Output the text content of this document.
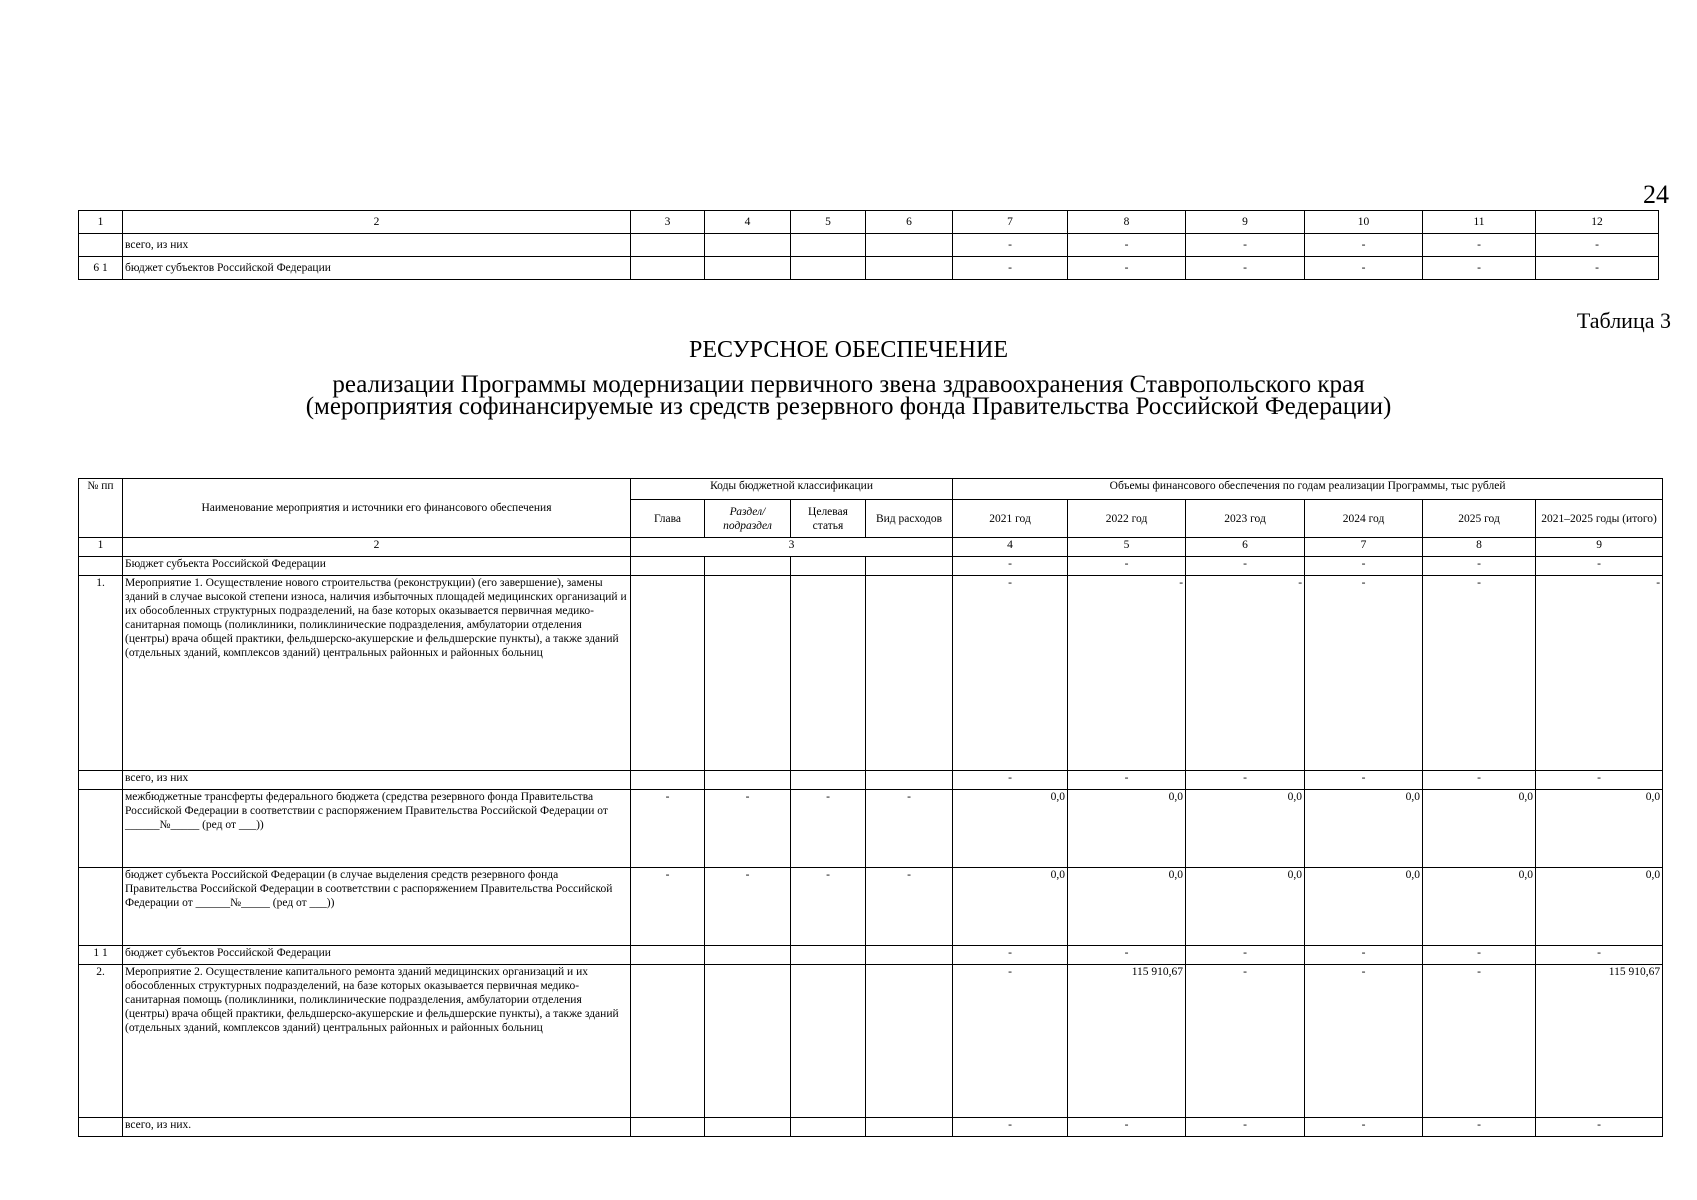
24
1	2	3	4	5	6	7	8	9	10	11	12
	всего, из них					-	-	-	-	-	-
6 1	бюджет субъектов Российской Федерации					-	-	-	-	-	-
Таблица 3
РЕСУРСНОЕ ОБЕСПЕЧЕНИЕ
реализации Программы модернизации первичного звена здравоохранения Ставропольского края
(мероприятия софинансируемые из средств резервного фонда Правительства Российской Федерации)
№ пп	Наименование мероприятия и источники его финансового обеспечения	Коды бюджетной классификации				Объемы финансового обеспечения по годам реализации Программы, тыс рублей					
		Глава	Раздел/ подраздел	Целевая статья	Вид расходов	2021 год	2022 год	2023 год	2024 год	2025 год	2021–2025 годы (итого)
1	2	3				4	5	6	7	8	9
	Бюджет субъекта Российской Федерации					-	-	-	-	-	-
1.	Мероприятие 1. Осуществление нового строительства (реконструкции) (его завершение), замены зданий в случае высокой степени износа, наличия избыточных площадей медицинских организаций и их обособленных структурных подразделений, на базе которых оказывается первичная медико-санитарная помощь (поликлиники, поликлинические подразделения, амбулатории отделения (центры) врача общей практики, фельдшерско-акушерские и фельдшерские пункты), а также зданий (отдельных зданий, комплексов зданий) центральных районных и районных больниц					-	-	-	-	-	-
	всего, из них					-	-	-	-	-	-
	межбюджетные трансферты федерального бюджета (средства резервного фонда Правительства Российской Федерации в соответствии с распоряжением Правительства Российской Федерации от ______№_____ (ред от ___))	-	-	-	-	0,0	0,0	0,0	0,0	0,0	0,0
	бюджет субъекта Российской Федерации (в случае выделения средств резервного фонда Правительства Российской Федерации в соответствии с распоряжением Правительства Российской Федерации от ______№_____ (ред от ___))	-	-	-	-	0,0	0,0	0,0	0,0	0,0	0,0
1 1	бюджет субъектов Российской Федерации					-	-	-	-	-	-
2.	Мероприятие 2. Осуществление капитального ремонта зданий медицинских организаций и их обособленных структурных подразделений, на базе которых оказывается первичная медико-санитарная помощь (поликлиники, поликлинические подразделения, амбулатории отделения (центры) врача общей практики, фельдшерско-акушерские и фельдшерские пункты), а также зданий (отдельных зданий, комплексов зданий) центральных районных и районных больниц					-	115 910,67	-	-	-	115 910,67
	всего, из них.					-	-	-	-	-	-
